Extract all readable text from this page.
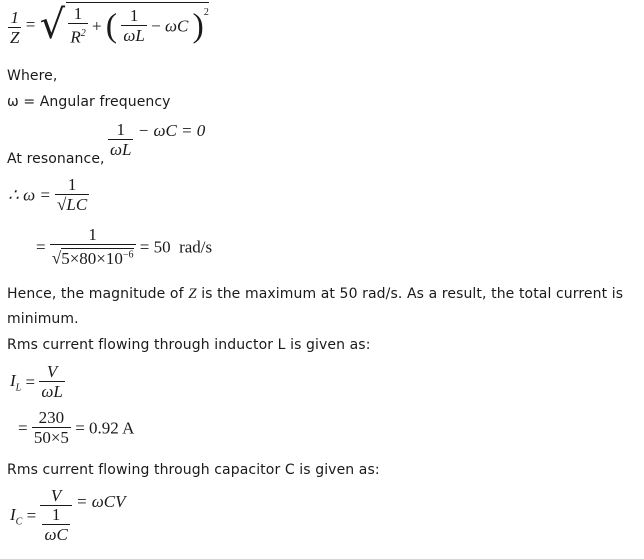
$\frac{1}{Z}$ = √ $\frac{1}{R^2}$ + ( $\frac{1}{\omega L} - \omega C$ )$^2$
Where,
ω = Angular frequency
$\frac{1}{\omega L} - \omega C = 0$
At resonance,
∴ $\omega = \frac{1}{√LC}$
= $\frac{1}{√5\times 80\times 10^{-6}} = 50$  rad/s
Hence, the magnitude of Z is the maximum at 50 rad/s. As a result, the total current is
minimum.
Rms current flowing through inductor L is given as:
$I_L = \frac{V}{\omega L}$
= $\frac{230}{50\times 5} = 0.92$ A
Rms current flowing through capacitor C is given as:
$I_C = \frac{V}{\frac{1}{\omega C}} = \omega CV$
